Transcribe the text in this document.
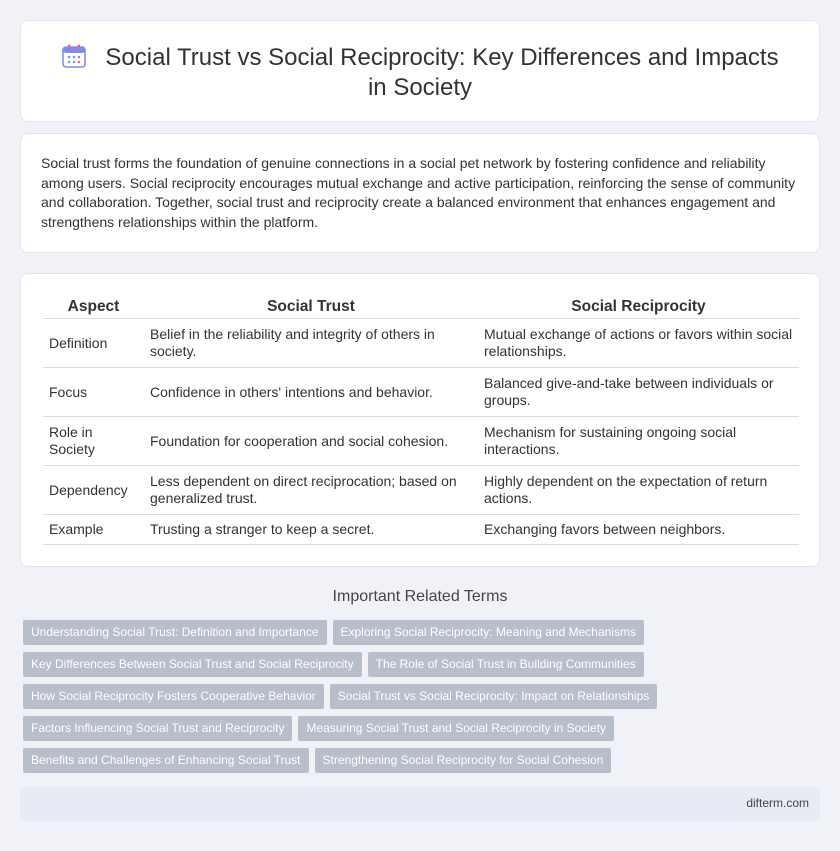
Social Trust vs Social Reciprocity: Key Differences and Impacts in Society

Social trust forms the foundation of genuine connections in a social pet network by fostering confidence and reliability among users. Social reciprocity encourages mutual exchange and active participation, reinforcing the sense of community and collaboration. Together, social trust and reciprocity create a balanced environment that enhances engagement and strengthens relationships within the platform.

Aspect	Social Trust	Social Reciprocity
Definition	Belief in the reliability and integrity of others in society.	Mutual exchange of actions or favors within social relationships.
Focus	Confidence in others' intentions and behavior.	Balanced give-and-take between individuals or groups.
Role in Society	Foundation for cooperation and social cohesion.	Mechanism for sustaining ongoing social interactions.
Dependency	Less dependent on direct reciprocation; based on generalized trust.	Highly dependent on the expectation of return actions.
Example	Trusting a stranger to keep a secret.	Exchanging favors between neighbors.
Important Related Terms
Understanding Social Trust: Definition and Importance Exploring Social Reciprocity: Meaning and Mechanisms
Key Differences Between Social Trust and Social Reciprocity The Role of Social Trust in Building Communities
How Social Reciprocity Fosters Cooperative Behavior Social Trust vs Social Reciprocity: Impact on Relationships
Factors Influencing Social Trust and Reciprocity Measuring Social Trust and Social Reciprocity in Society
Benefits and Challenges of Enhancing Social Trust Strengthening Social Reciprocity for Social Cohesion
difterm.com
